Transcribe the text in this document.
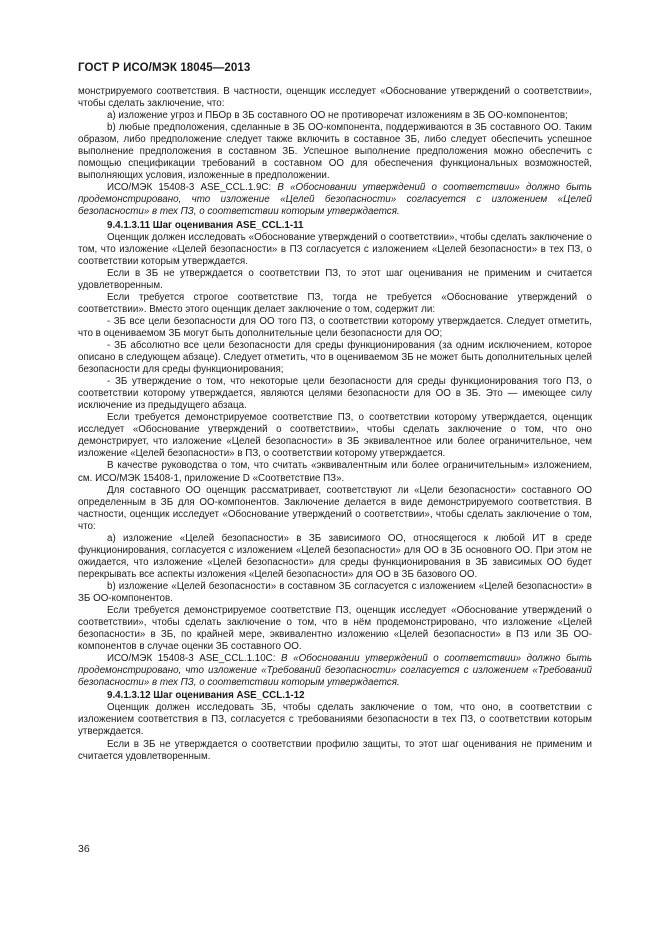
ГОСТ Р ИСО/МЭК 18045—2013

монстрируемого соответствия. В частности, оценщик исследует «Обоснование утверждений о соответствии», чтобы сделать заключение, что:

а) изложение угроз и ПБОр в ЗБ составного ОО не противоречат изложениям в ЗБ ОО-компонентов;

b) любые предположения, сделанные в ЗБ ОО-компонента, поддерживаются в ЗБ составного ОО. Таким образом, либо предположение следует также включить в составное ЗБ, либо следует обеспечить успешное выполнение предположения в составном ЗБ. Успешное выполнение предположения можно обеспечить с помощью спецификации требований в составном ОО для обеспечения функциональных возможностей, выполняющих условия, изложенные в предположении.

ИСО/МЭК 15408-3 ASE_CCL.1.9C: В «Обосновании утверждений о соответствии» должно быть продемонстрировано, что изложение «Целей безопасности» согласуется с изложением «Целей безопасности» в тех ПЗ, о соответствии которым утверждается.

9.4.1.3.11 Шаг оценивания ASE_CCL.1-11

Оценщик должен исследовать «Обоснование утверждений о соответствии», чтобы сделать заключение о том, что изложение «Целей безопасности» в ПЗ согласуется с изложением «Целей безопасности» в тех ПЗ, о соответствии которым утверждается.

Если в ЗБ не утверждается о соответствии ПЗ, то этот шаг оценивания не применим и считается удовлетворенным.

Если требуется строгое соответствие ПЗ, тогда не требуется «Обоснование утверждений о соответствии». Вместо этого оценщик делает заключение о том, содержит ли:

- ЗБ все цели безопасности для ОО того ПЗ, о соответствии которому утверждается. Следует отметить, что в оцениваемом ЗБ могут быть дополнительные цели безопасности для ОО;

- ЗБ абсолютно все цели безопасности для среды функционирования (за одним исключением, которое описано в следующем абзаце). Следует отметить, что в оцениваемом ЗБ не может быть дополнительных целей безопасности для среды функционирования;

- ЗБ утверждение о том, что некоторые цели безопасности для среды функционирования того ПЗ, о соответствии которому утверждается, являются целями безопасности для ОО в ЗБ. Это — имеющее силу исключение из предыдущего абзаца.

Если требуется демонстрируемое соответствие ПЗ, о соответствии которому утверждается, оценщик исследует «Обоснование утверждений о соответствии», чтобы сделать заключение о том, что оно демонстрирует, что изложение «Целей безопасности» в ЗБ эквивалентное или более ограничительное, чем изложение «Целей безопасности» в ПЗ, о соответствии которому утверждается.

В качестве руководства о том, что считать «эквивалентным или более ограничительным» изложением, см. ИСО/МЭК 15408-1, приложение D «Соответствие ПЗ».

Для составного ОО оценщик рассматривает, соответствуют ли «Цели безопасности» составного ОО определенным в ЗБ для ОО-компонентов. Заключение делается в виде демонстрируемого соответствия. В частности, оценщик исследует «Обоснование утверждений о соответствии», чтобы сделать заключение о том, что:

а) изложение «Целей безопасности» в ЗБ зависимого ОО, относящегося к любой ИТ в среде функционирования, согласуется с изложением «Целей безопасности» для ОО в ЗБ основного ОО. При этом не ожидается, что изложение «Целей безопасности» для среды функционирования в ЗБ зависимых ОО будет перекрывать все аспекты изложения «Целей безопасности» для ОО в ЗБ базового ОО.

b) изложение «Целей безопасности» в составном ЗБ согласуется с изложением «Целей безопасности» в ЗБ ОО-компонентов.

Если требуется демонстрируемое соответствие ПЗ, оценщик исследует «Обоснование утверждений о соответствии», чтобы сделать заключение о том, что в нём продемонстрировано, что изложение «Целей безопасности» в ЗБ, по крайней мере, эквивалентно изложению «Целей безопасности» в ПЗ или ЗБ ОО-компонентов в случае оценки ЗБ составного ОО.

ИСО/МЭК 15408-3 ASE_CCL.1.10C: В «Обосновании утверждений о соответствии» должно быть продемонстрировано, что изложение «Требований безопасности» согласуется с изложением «Требований безопасности» в тех ПЗ, о соответствии которым утверждается.

9.4.1.3.12 Шаг оценивания ASE_CCL.1-12

Оценщик должен исследовать ЗБ, чтобы сделать заключение о том, что оно, в соответствии с изложением соответствия в ПЗ, согласуется с требованиями безопасности в тех ПЗ, о соответствии которым утверждается.

Если в ЗБ не утверждается о соответствии профилю защиты, то этот шаг оценивания не применим и считается удовлетворенным.

36
